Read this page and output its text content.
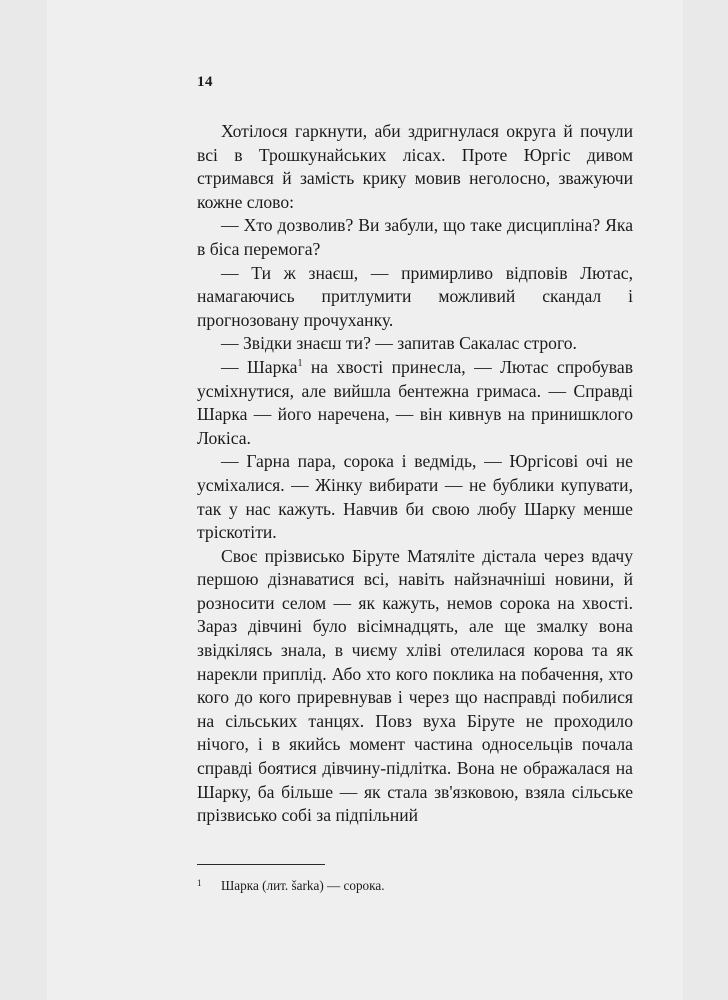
14

Хотілося гаркнути, аби здригнулася округа й почули всі в Трошкунайських лісах. Проте Юргіс дивом стримався й замість крику мовив неголосно, зважуючи кожне слово:

— Хто дозволив? Ви забули, що таке дисципліна? Яка в біса перемога?

— Ти ж знаєш, — примирливо відповів Лютас, намагаючись притлумити можливий скандал і прогнозовану прочуханку.

— Звідки знаєш ти? — запитав Сакалас строго.

— Шарка$^1$ на хвості принесла, — Лютас спробував усміхнутися, але вийшла бентежна гримаса. — Справді Шарка — його наречена, — він кивнув на принишклого Локіса.

— Гарна пара, сорока і ведмідь, — Юргісові очі не усміхалися. — Жінку вибирати — не бублики купувати, так у нас кажуть. Навчив би свою любу Шарку менше тріскотіти.

Своє прізвисько Біруте Матяліте дістала через вдачу першою дізнаватися всі, навіть найзначніші новини, й розносити селом — як кажуть, немов сорока на хвості. Зараз дівчині було вісімнадцять, але ще змалку вона звідкілясь знала, в чиєму хліві отелилася корова та як нарекли приплід. Або хто кого поклика на побачення, хто кого до кого приревнував і через що насправді побилися на сільських танцях. Повз вуха Біруте не проходило нічого, і в якийсь момент частина односельців почала справді боятися дівчину-підлітка. Вона не ображалася на Шарку, ба більше — як стала зв'язковою, взяла сільське прізвисько собі за підпільний

1 Шарка (лит. šarka) — сорока.
